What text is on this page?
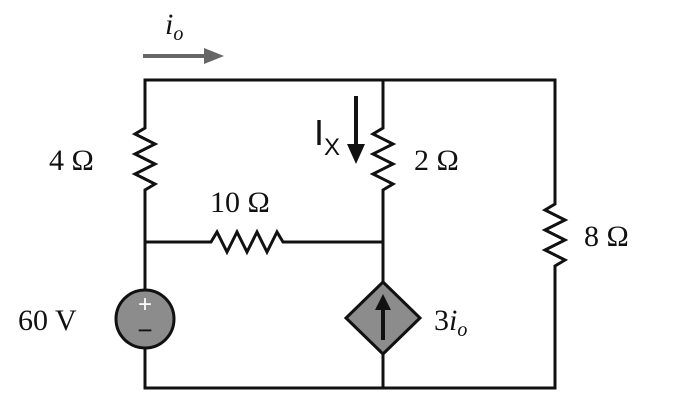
+
−
$i_o$
4 Ω	2 Ω
10 Ω
8 Ω
60 V	$3i_o$
$I_X$
